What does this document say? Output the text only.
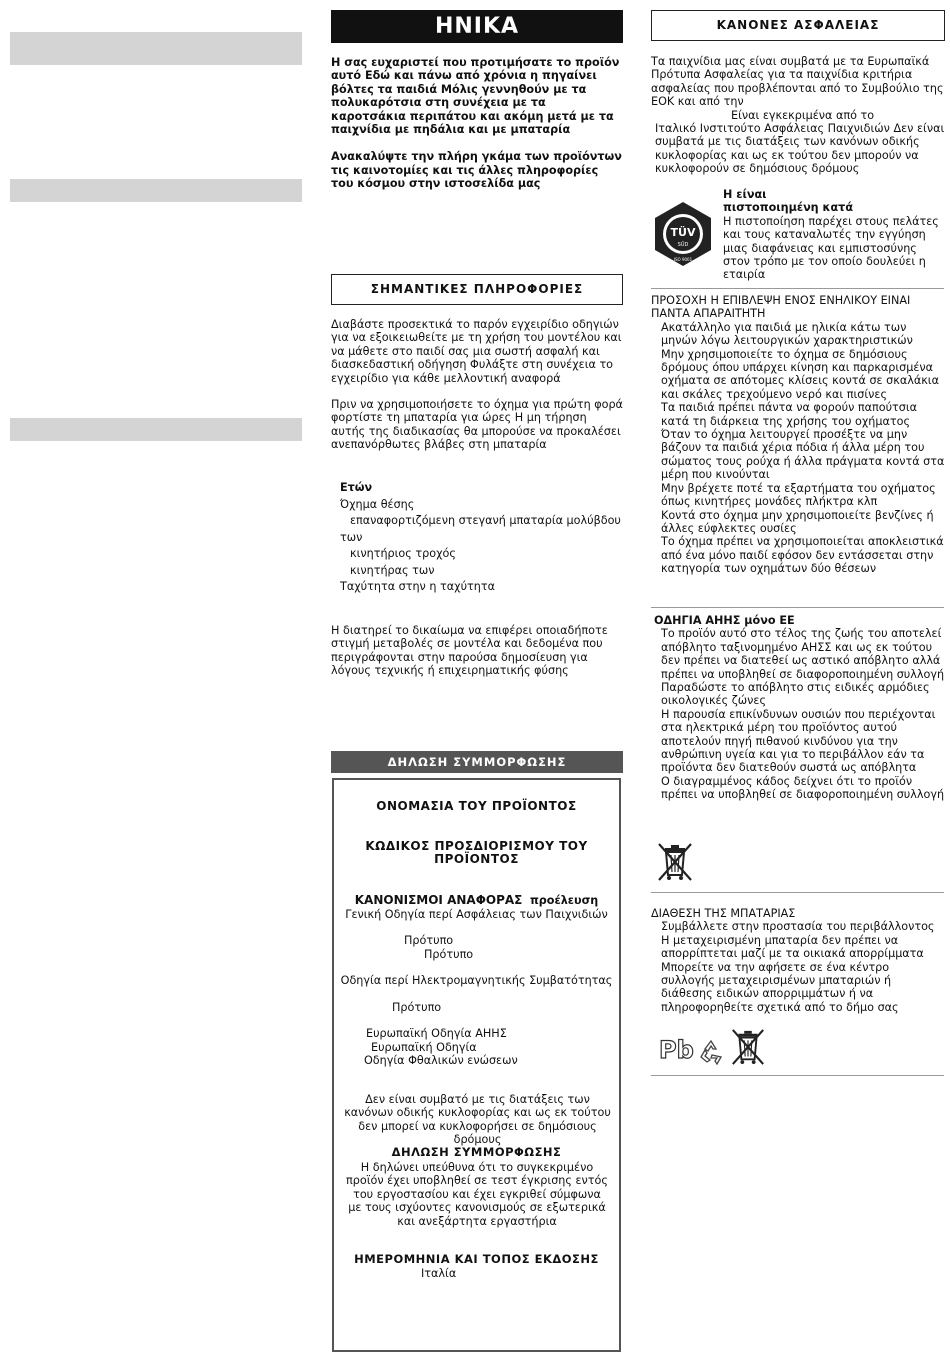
ΗΝΙΚΑ

Η σας ευχαριστεί που προτιμήσατε το προϊόν αυτό Εδώ και πάνω από χρόνια η πηγαίνει βόλτες τα παιδιά Μόλις γεννηθούν με τα πολυκαρότσια στη συνέχεια με τα καροτσάκια περιπάτου και ακόμη μετά με τα παιχνίδια με πηδάλια και με μπαταρία

Ανακαλύψτε την πλήρη γκάμα των προϊόντων τις καινοτομίες και τις άλλες πληροφορίες του κόσμου στην ιστοσελίδα μας

ΣΗΜΑΝΤΙΚΕΣ ΠΛΗΡΟΦΟΡΙΕΣ

Διαβάστε προσεκτικά το παρόν εγχειρίδιο οδηγιών για να εξοικειωθείτε με τη χρήση του μοντέλου και να μάθετε στο παιδί σας μια σωστή ασφαλή και διασκεδαστική οδήγηση Φυλάξτε στη συνέχεια το εγχειρίδιο για κάθε μελλοντική αναφορά

Πριν να χρησιμοποιήσετε το όχημα για πρώτη φορά φορτίστε τη μπαταρία για ώρες Η μη τήρηση αυτής της διαδικασίας θα μπορούσε να προκαλέσει ανεπανόρθωτες βλάβες στη μπαταρία

Ετών

Όχημα θέσης

επαναφορτιζόμενη στεγανή μπαταρία μολύβδου

των

κινητήριος τροχός

κινητήρας των

Ταχύτητα στην η ταχύτητα

Η διατηρεί το δικαίωμα να επιφέρει οποιαδήποτε στιγμή μεταβολές σε μοντέλα και δεδομένα που περιγράφονται στην παρούσα δημοσίευση για λόγους τεχνικής ή επιχειρηματικής φύσης

ΔΗΛΩΣΗ ΣΥΜΜΟΡΦΩΣΗΣ
ΟΝΟΜΑΣΙΑ ΤΟΥ ΠΡΟΪΟΝΤΟΣ
ΚΩΔΙΚΟΣ ΠΡΟΣΔΙΟΡΙΣΜΟΥ ΤΟΥ ΠΡΟΪΟΝΤΟΣ
ΚΑΝΟΝΙΣΜΟΙ ΑΝΑΦΟΡΑΣ προέλευση
Γενική Οδηγία περί Ασφάλειας των Παιχνιδιών
Πρότυπο
Πρότυπο
Οδηγία περί Ηλεκτρομαγνητικής Συμβατότητας
Πρότυπο
Ευρωπαϊκή Οδηγία ΑΗΗΣ
Ευρωπαϊκή Οδηγία
Οδηγία Φθαλικών ενώσεων
Δεν είναι συμβατό με τις διατάξεις των κανόνων οδικής κυκλοφορίας και ως εκ τούτου δεν μπορεί να κυκλοφορήσει σε δημόσιους δρόμους
ΔΗΛΩΣΗ ΣΥΜΜΟΡΦΩΣΗΣ
Η δηλώνει υπεύθυνα ότι το συγκεκριμένο προϊόν έχει υποβληθεί σε τεστ έγκρισης εντός του εργοστασίου και έχει εγκριθεί σύμφωνα με τους ισχύοντες κανονισμούς σε εξωτερικά και ανεξάρτητα εργαστήρια
ΗΜΕΡΟΜΗΝΙΑ ΚΑΙ ΤΟΠΟΣ ΕΚΔΟΣΗΣ
Ιταλία
ΚΑΝΟΝΕΣ ΑΣΦΑΛΕΙΑΣ

Τα παιχνίδια μας είναι συμβατά με τα Ευρωπαϊκά Πρότυπα Ασφαλείας για τα παιχνίδια κριτήρια ασφαλείας που προβλέπονται από το Συμβούλιο της ΕΟΚ και από την

Είναι εγκεκριμένα από το

Ιταλικό Ινστιτούτο Ασφάλειας Παιχνιδιών Δεν είναι συμβατά με τις διατάξεις των κανόνων οδικής κυκλοφορίας και ως εκ τούτου δεν μπορούν να κυκλοφορούν σε δημόσιους δρόμους

TÜV
SÜD
ISO 9001

Η είναι

πιστοποιημένη κατά

Η πιστοποίηση παρέχει στους πελάτες και τους καταναλωτές την εγγύηση μιας διαφάνειας και εμπιστοσύνης στον τρόπο με τον οποίο δουλεύει η εταιρία

ΠΡΟΣΟΧΗ Η ΕΠΙΒΛΕΨΗ ΕΝΟΣ ΕΝΗΛΙΚΟΥ ΕΙΝΑΙ ΠΑΝΤΑ ΑΠΑΡΑΙΤΗΤΗ

Ακατάλληλο για παιδιά με ηλικία κάτω των μηνών λόγω λειτουργικών χαρακτηριστικών
Μην χρησιμοποιείτε το όχημα σε δημόσιους δρόμους όπου υπάρχει κίνηση και παρκαρισμένα οχήματα σε απότομες κλίσεις κοντά σε σκαλάκια και σκάλες τρεχούμενο νερό και πισίνες
Τα παιδιά πρέπει πάντα να φορούν παπούτσια κατά τη διάρκεια της χρήσης του οχήματος
Όταν το όχημα λειτουργεί προσέξτε να μην βάζουν τα παιδιά χέρια πόδια ή άλλα μέρη του σώματος τους ρούχα ή άλλα πράγματα κοντά στα μέρη που κινούνται
Μην βρέχετε ποτέ τα εξαρτήματα του οχήματος όπως κινητήρες μονάδες πλήκτρα κλπ
Κοντά στο όχημα μην χρησιμοποιείτε βενζίνες ή άλλες εύφλεκτες ουσίες
Το όχημα πρέπει να χρησιμοποιείται αποκλειστικά από ένα μόνο παιδί εφόσον δεν εντάσσεται στην κατηγορία των οχημάτων δύο θέσεων

ΟΔΗΓΙΑ ΑΗΗΣ μόνο ΕΕ

Το προϊόν αυτό στο τέλος της ζωής του αποτελεί απόβλητο ταξινομημένο ΑΗΣΣ και ως εκ τούτου δεν πρέπει να διατεθεί ως αστικό απόβλητο αλλά πρέπει να υποβληθεί σε διαφοροποιημένη συλλογή
Παραδώστε το απόβλητο στις ειδικές αρμόδιες οικολογικές ζώνες
Η παρουσία επικίνδυνων ουσιών που περιέχονται στα ηλεκτρικά μέρη του προϊόντος αυτού αποτελούν πηγή πιθανού κινδύνου για την ανθρώπινη υγεία και για το περιβάλλον εάν τα προϊόντα δεν διατεθούν σωστά ως απόβλητα
Ο διαγραμμένος κάδος δείχνει ότι το προϊόν πρέπει να υποβληθεί σε διαφοροποιημένη συλλογή

ΔΙΑΘΕΣΗ ΤΗΣ ΜΠΑΤΑΡΙΑΣ

Συμβάλλετε στην προστασία του περιβάλλοντος
Η μεταχειρισμένη μπαταρία δεν πρέπει να απορρίπτεται μαζί με τα οικιακά απορρίμματα
Μπορείτε να την αφήσετε σε ένα κέντρο συλλογής μεταχειρισμένων μπαταριών ή διάθεσης ειδικών απορριμμάτων ή να πληροφορηθείτε σχετικά από το δήμο σας
Pb
